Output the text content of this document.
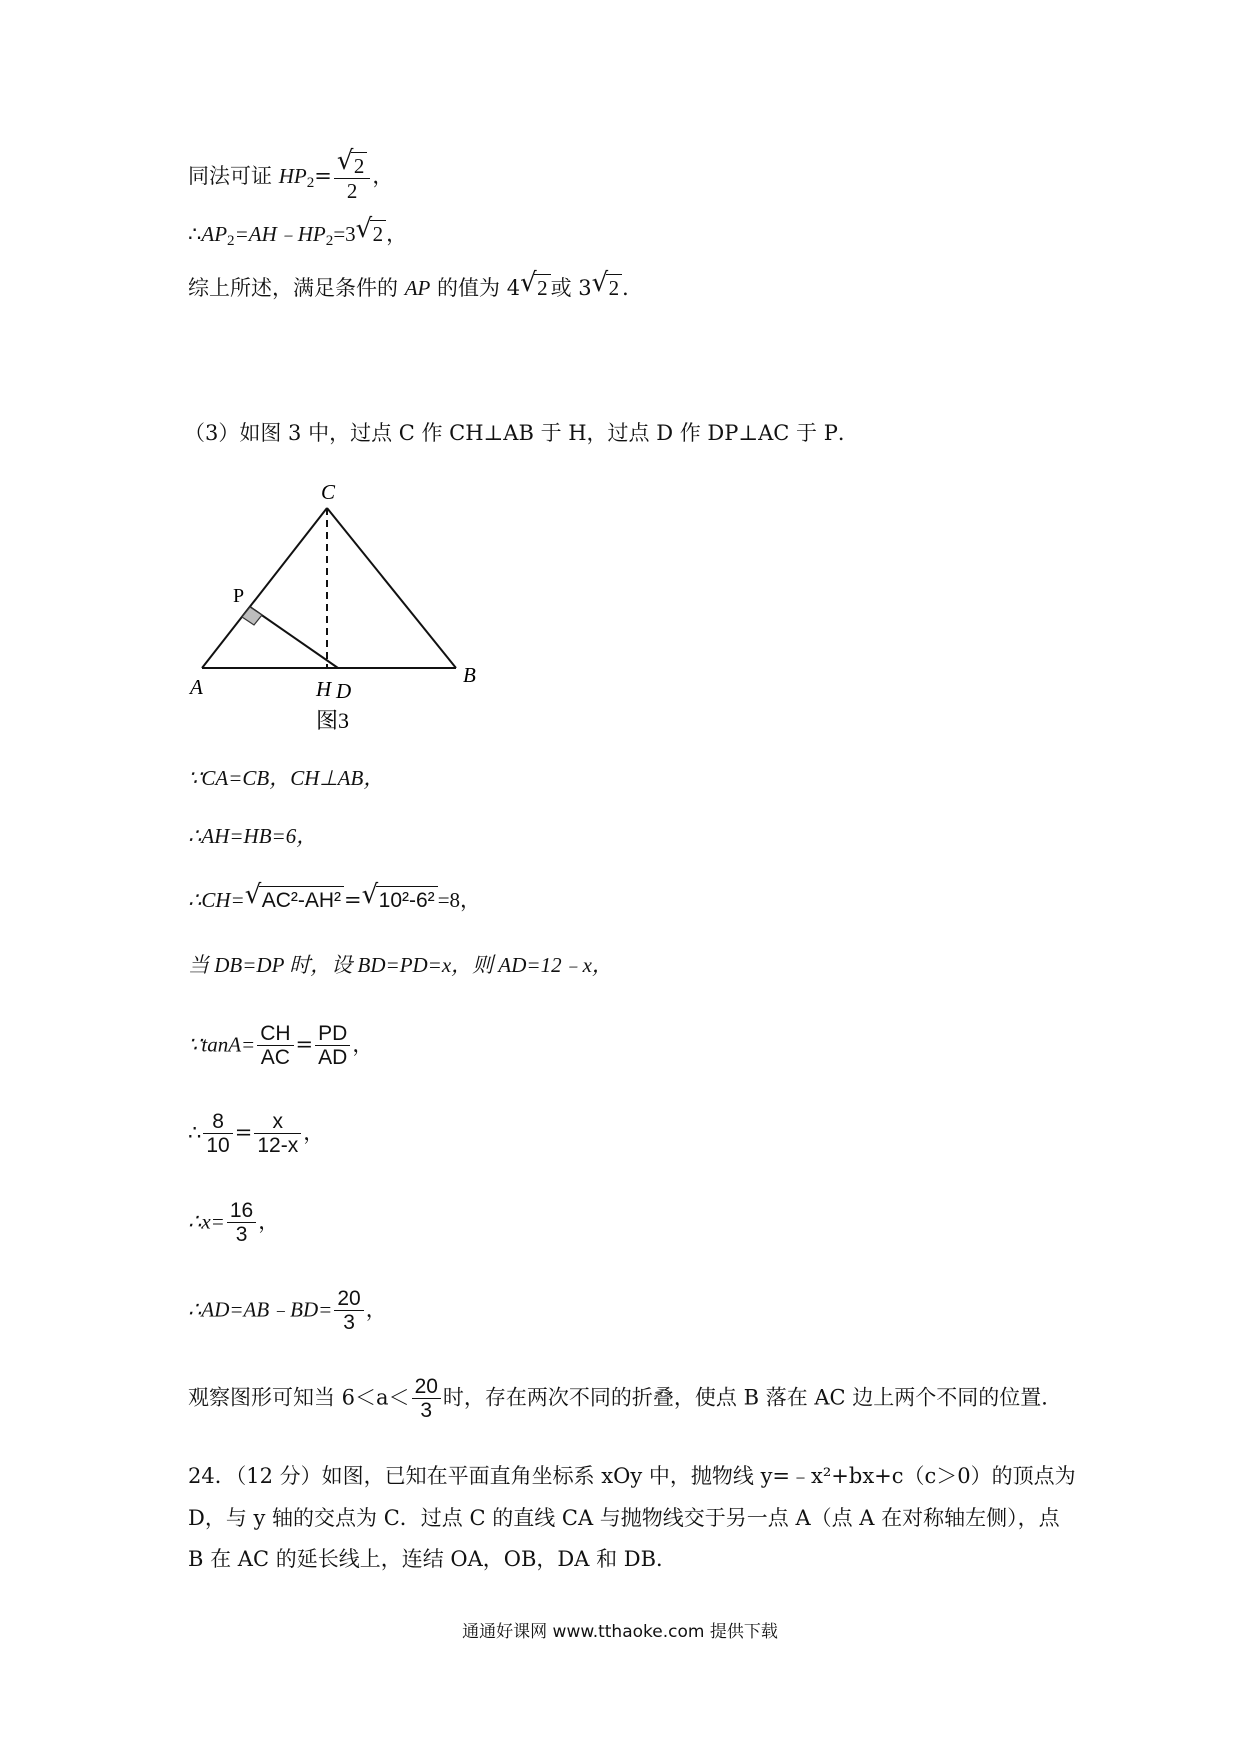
同法可证 $HP_2= \frac{√ 2}{2}$ ，
$\therefore AP_2=AH﹣HP_2=3$ √ 2 ，
综上所述，满足条件的 AP 的值为 4 √ 2 或 3 √ 2 ．
（3）如图 3 中，过点 C 作 CH⊥AB 于 H，过点 D 作 DP⊥AC 于 P．
C
P
A	H D
B
图3
∵CA=CB，CH⊥AB，
∴AH=HB=6，
∴CH= √ AC²-AH² = √ 10²-6² =8，
当 DB=DP 时，设 BD=PD=x，则 AD=12﹣x，
∵tanA= $\frac{CH}{AC} = \frac{PD}{AD}$ ，
∴ $\frac{8}{10} = \frac{x}{12-x}$ ，
∴x= $\frac{16}{3}$ ，
∴AD=AB﹣BD= $\frac{20}{3}$ ，
观察图形可知当 $6<a< \frac{20}{3}$ 时，存在两次不同的折叠，使点 B 落在 AC 边上两个不同的位置．
24．（12 分）如图，已知在平面直角坐标系 xOy 中，抛物线 y=﹣x²+bx+c（c＞0）的顶点为
D，与 y 轴的交点为 C．过点 C 的直线 CA 与抛物线交于另一点 A（点 A 在对称轴左侧），点
B 在 AC 的延长线上，连结 OA，OB，DA 和 DB．
通通好课网 www.tthaoke.com 提供下载
